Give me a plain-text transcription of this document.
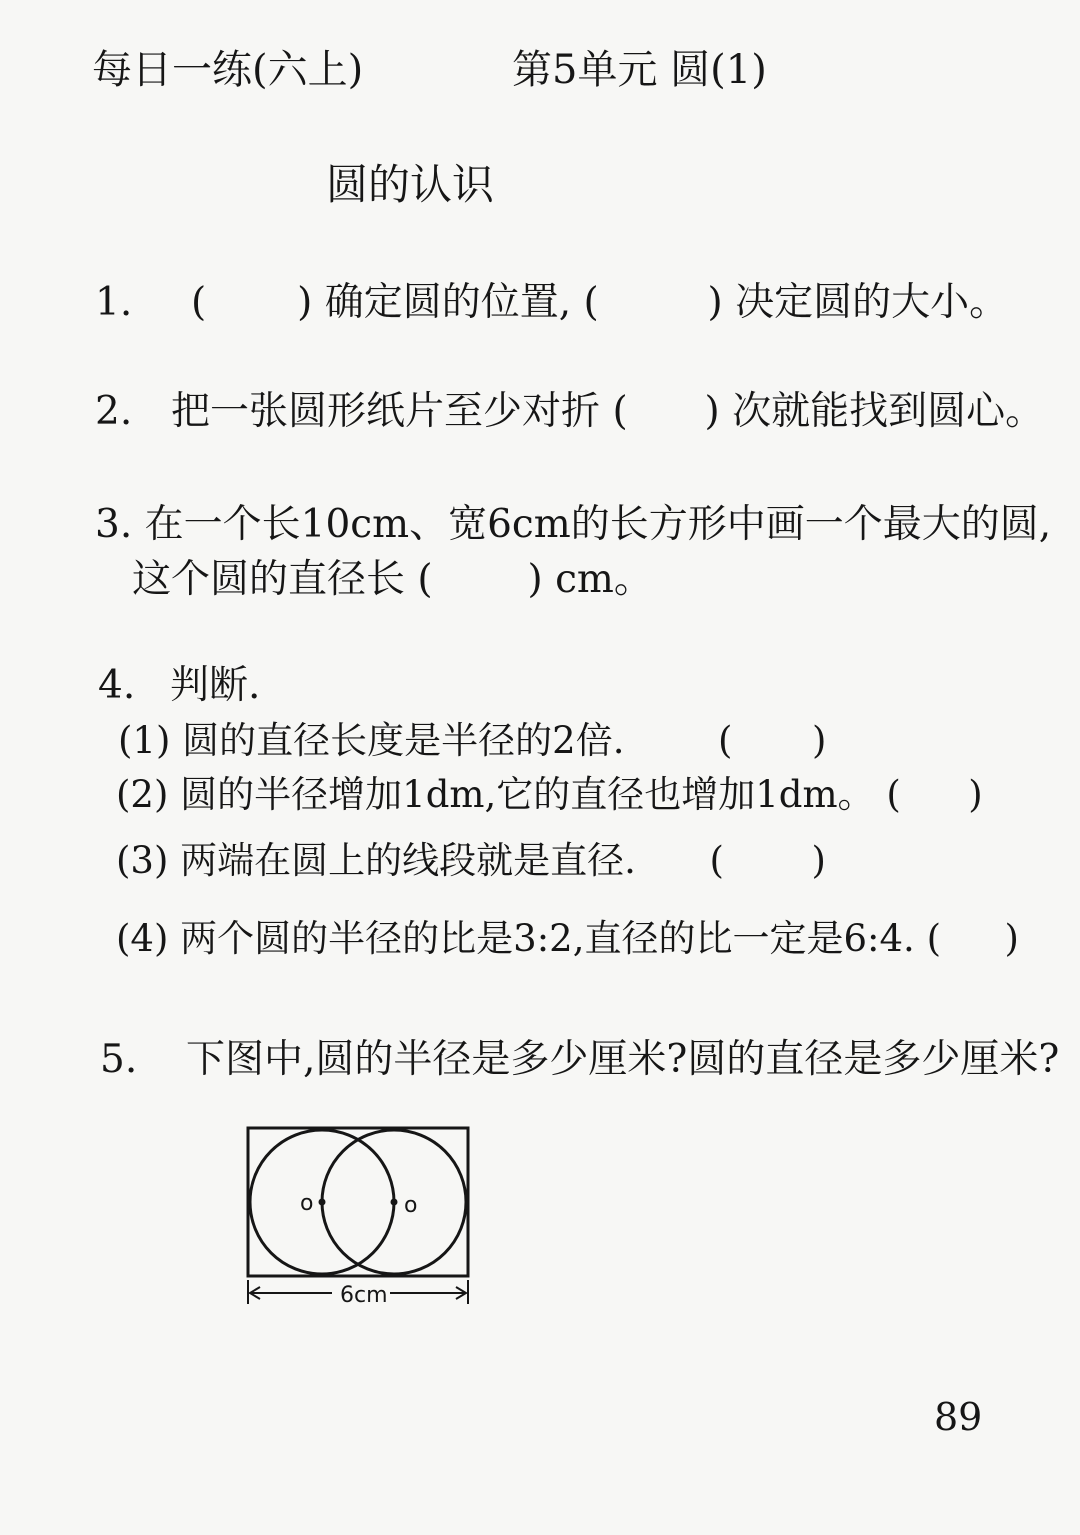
每日一练(六上)	第5单元 圆(1)
圆的认识
1. ( ) 确定圆的位置, (	) 决定圆的大小。
2. 把一张圆形纸片至少对折 ( ) 次就能找到圆心。
3. 在一个长10cm、宽6cm的长方形中画一个最大的圆,
这个圆的直径长 ( ) cm。
4. 判断.
(1) 圆的直径长度是半径的2倍.	( )
(2) 圆的半径增加1dm,它的直径也增加1dm。 ( )
(3) 两端在圆上的线段就是直径. ( )
(4) 两个圆的半径的比是3:2,直径的比一定是6:4. ( )
5. 下图中,圆的半径是多少厘米?圆的直径是多少厘米?
o	o
6cm
89
